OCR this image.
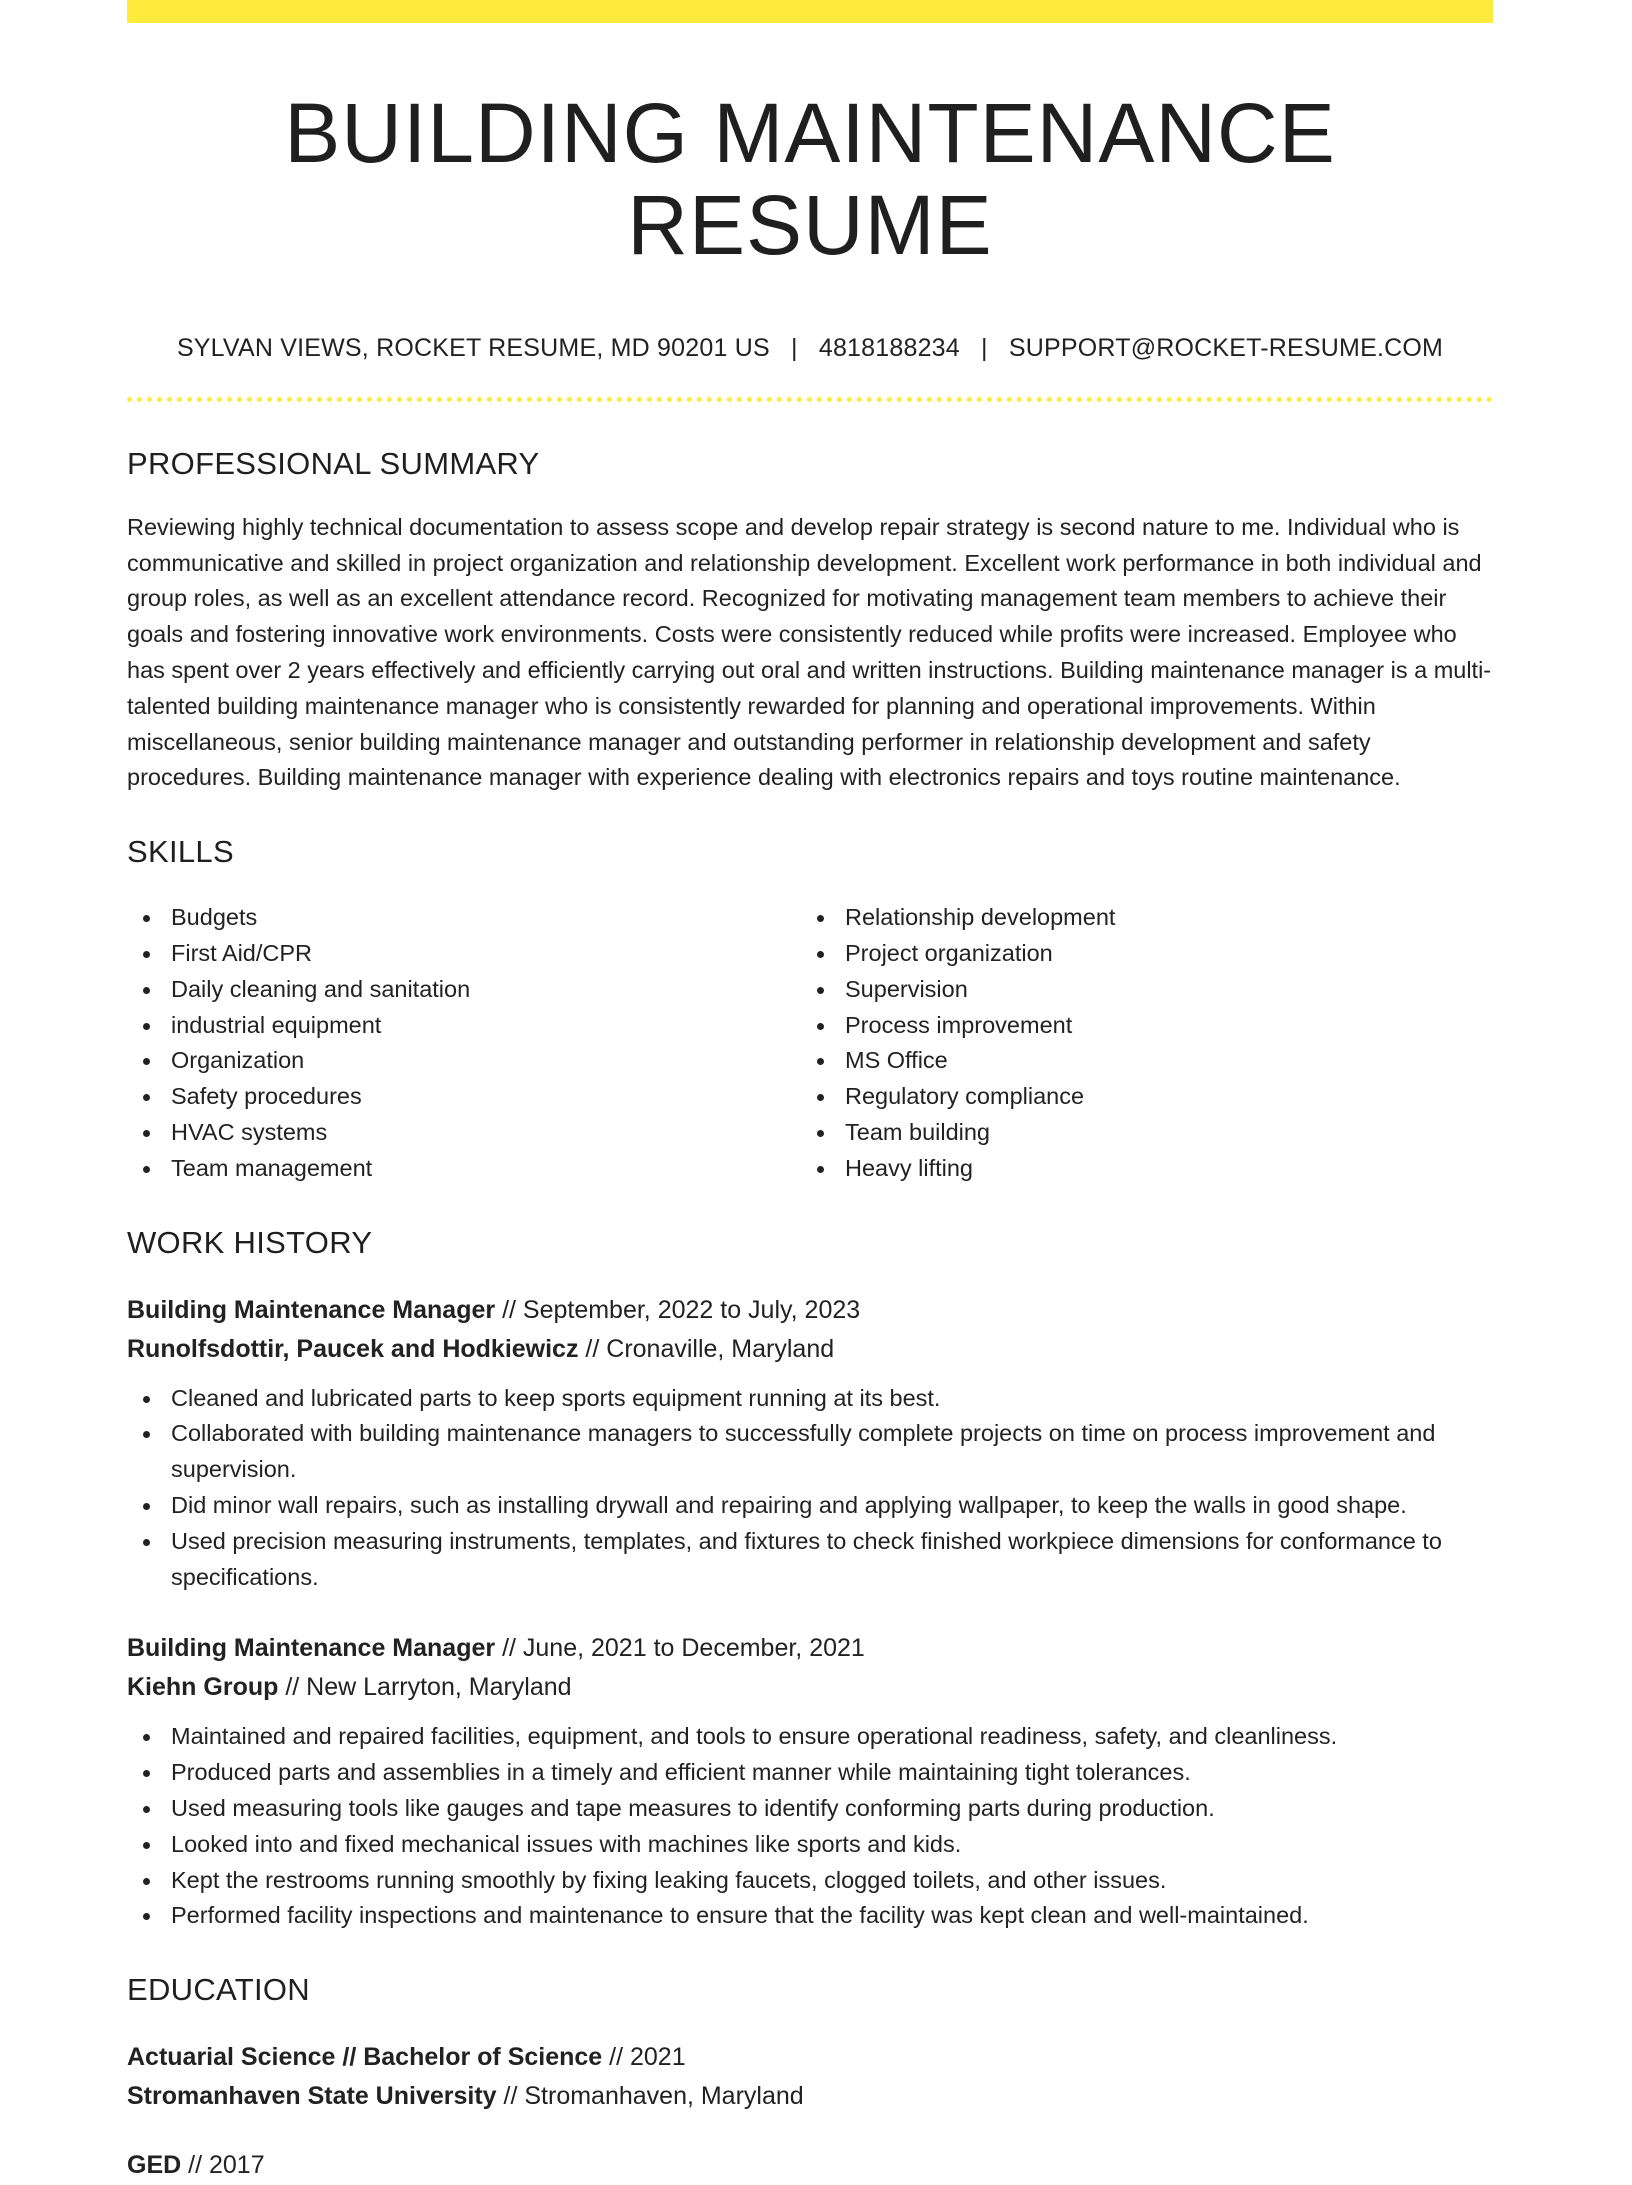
BUILDING MAINTENANCE RESUME
SYLVAN VIEWS, ROCKET RESUME, MD 90201 US | 4818188234 | SUPPORT@ROCKET-RESUME.COM
PROFESSIONAL SUMMARY

Reviewing highly technical documentation to assess scope and develop repair strategy is second nature to me. Individual who is communicative and skilled in project organization and relationship development. Excellent work performance in both individual and group roles, as well as an excellent attendance record. Recognized for motivating management team members to achieve their goals and fostering innovative work environments. Costs were consistently reduced while profits were increased. Employee who has spent over 2 years effectively and efficiently carrying out oral and written instructions. Building maintenance manager is a multi-talented building maintenance manager who is consistently rewarded for planning and operational improvements. Within miscellaneous, senior building maintenance manager and outstanding performer in relationship development and safety procedures. Building maintenance manager with experience dealing with electronics repairs and toys routine maintenance.

SKILLS
Budgets
First Aid/CPR
Daily cleaning and sanitation
industrial equipment
Organization
Safety procedures
HVAC systems
Team management
Relationship development
Project organization
Supervision
Process improvement
MS Office
Regulatory compliance
Team building
Heavy lifting
WORK HISTORY
Building Maintenance Manager // September, 2022 to July, 2023
Runolfsdottir, Paucek and Hodkiewicz // Cronaville, Maryland
Cleaned and lubricated parts to keep sports equipment running at its best.
Collaborated with building maintenance managers to successfully complete projects on time on process improvement and supervision.
Did minor wall repairs, such as installing drywall and repairing and applying wallpaper, to keep the walls in good shape.
Used precision measuring instruments, templates, and fixtures to check finished workpiece dimensions for conformance to specifications.
Building Maintenance Manager // June, 2021 to December, 2021
Kiehn Group // New Larryton, Maryland
Maintained and repaired facilities, equipment, and tools to ensure operational readiness, safety, and cleanliness.
Produced parts and assemblies in a timely and efficient manner while maintaining tight tolerances.
Used measuring tools like gauges and tape measures to identify conforming parts during production.
Looked into and fixed mechanical issues with machines like sports and kids.
Kept the restrooms running smoothly by fixing leaking faucets, clogged toilets, and other issues.
Performed facility inspections and maintenance to ensure that the facility was kept clean and well-maintained.
EDUCATION
Actuarial Science // Bachelor of Science // 2021
Stromanhaven State University // Stromanhaven, Maryland
GED // 2017
